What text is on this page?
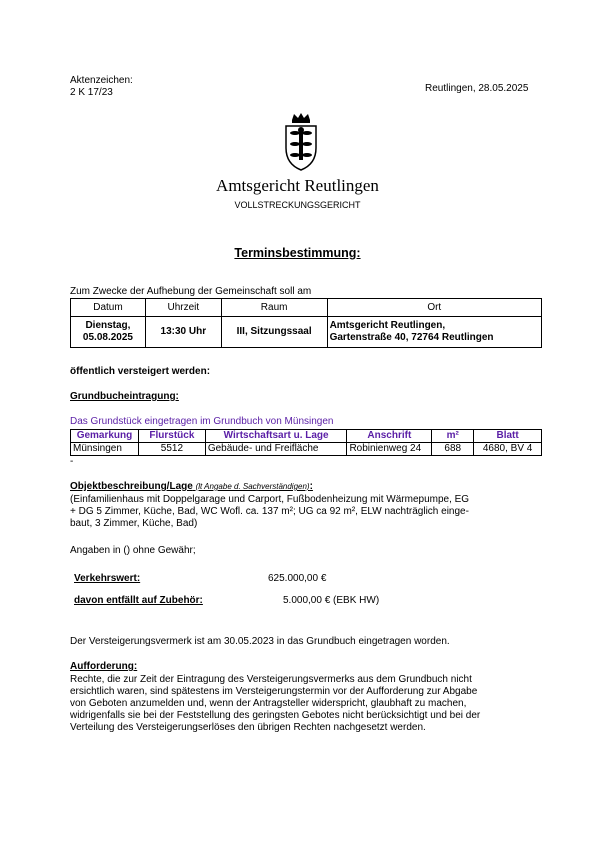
Aktenzeichen:
2 K 17/23	Reutlingen, 28.05.2025
Amtsgericht Reutlingen
VOLLSTRECKUNGSGERICHT
Terminsbestimmung:
Zum Zwecke der Aufhebung der Gemeinschaft soll am
Datum	Uhrzeit	Raum	Ort
Dienstag,
05.08.2025	13:30 Uhr	III, Sitzungssaal	Amtsgericht Reutlingen,
Gartenstraße 40, 72764 Reutlingen
öffentlich versteigert werden:
Grundbucheintragung:
Das Grundstück eingetragen im Grundbuch von Münsingen
Gemarkung	Flurstück	Wirtschaftsart u. Lage	Anschrift	m²	Blatt
Münsingen	5512	Gebäude- und Freifläche	Robinienweg 24	688	4680, BV 4
-
Objektbeschreibung/Lage (lt Angabe d. Sachverständigen):
(Einfamilienhaus mit Doppelgarage und Carport, Fußbodenheizung mit Wärmepumpe, EG
+ DG 5 Zimmer, Küche, Bad, WC Wofl. ca. 137 m²; UG ca 92 m², ELW nachträglich einge-
baut, 3 Zimmer, Küche, Bad)
Angaben in () ohne Gewähr;
Verkehrswert:	625.000,00 €
davon entfällt auf Zubehör:	5.000,00 € (EBK HW)
Der Versteigerungsvermerk ist am 30.05.2023 in das Grundbuch eingetragen worden.
Aufforderung:
Rechte, die zur Zeit der Eintragung des Versteigerungsvermerks aus dem Grundbuch nicht
ersichtlich waren, sind spätestens im Versteigerungstermin vor der Aufforderung zur Abgabe
von Geboten anzumelden und, wenn der Antragsteller widerspricht, glaubhaft zu machen,
widrigenfalls sie bei der Feststellung des geringsten Gebotes nicht berücksichtigt und bei der
Verteilung des Versteigerungserlöses den übrigen Rechten nachgesetzt werden.
